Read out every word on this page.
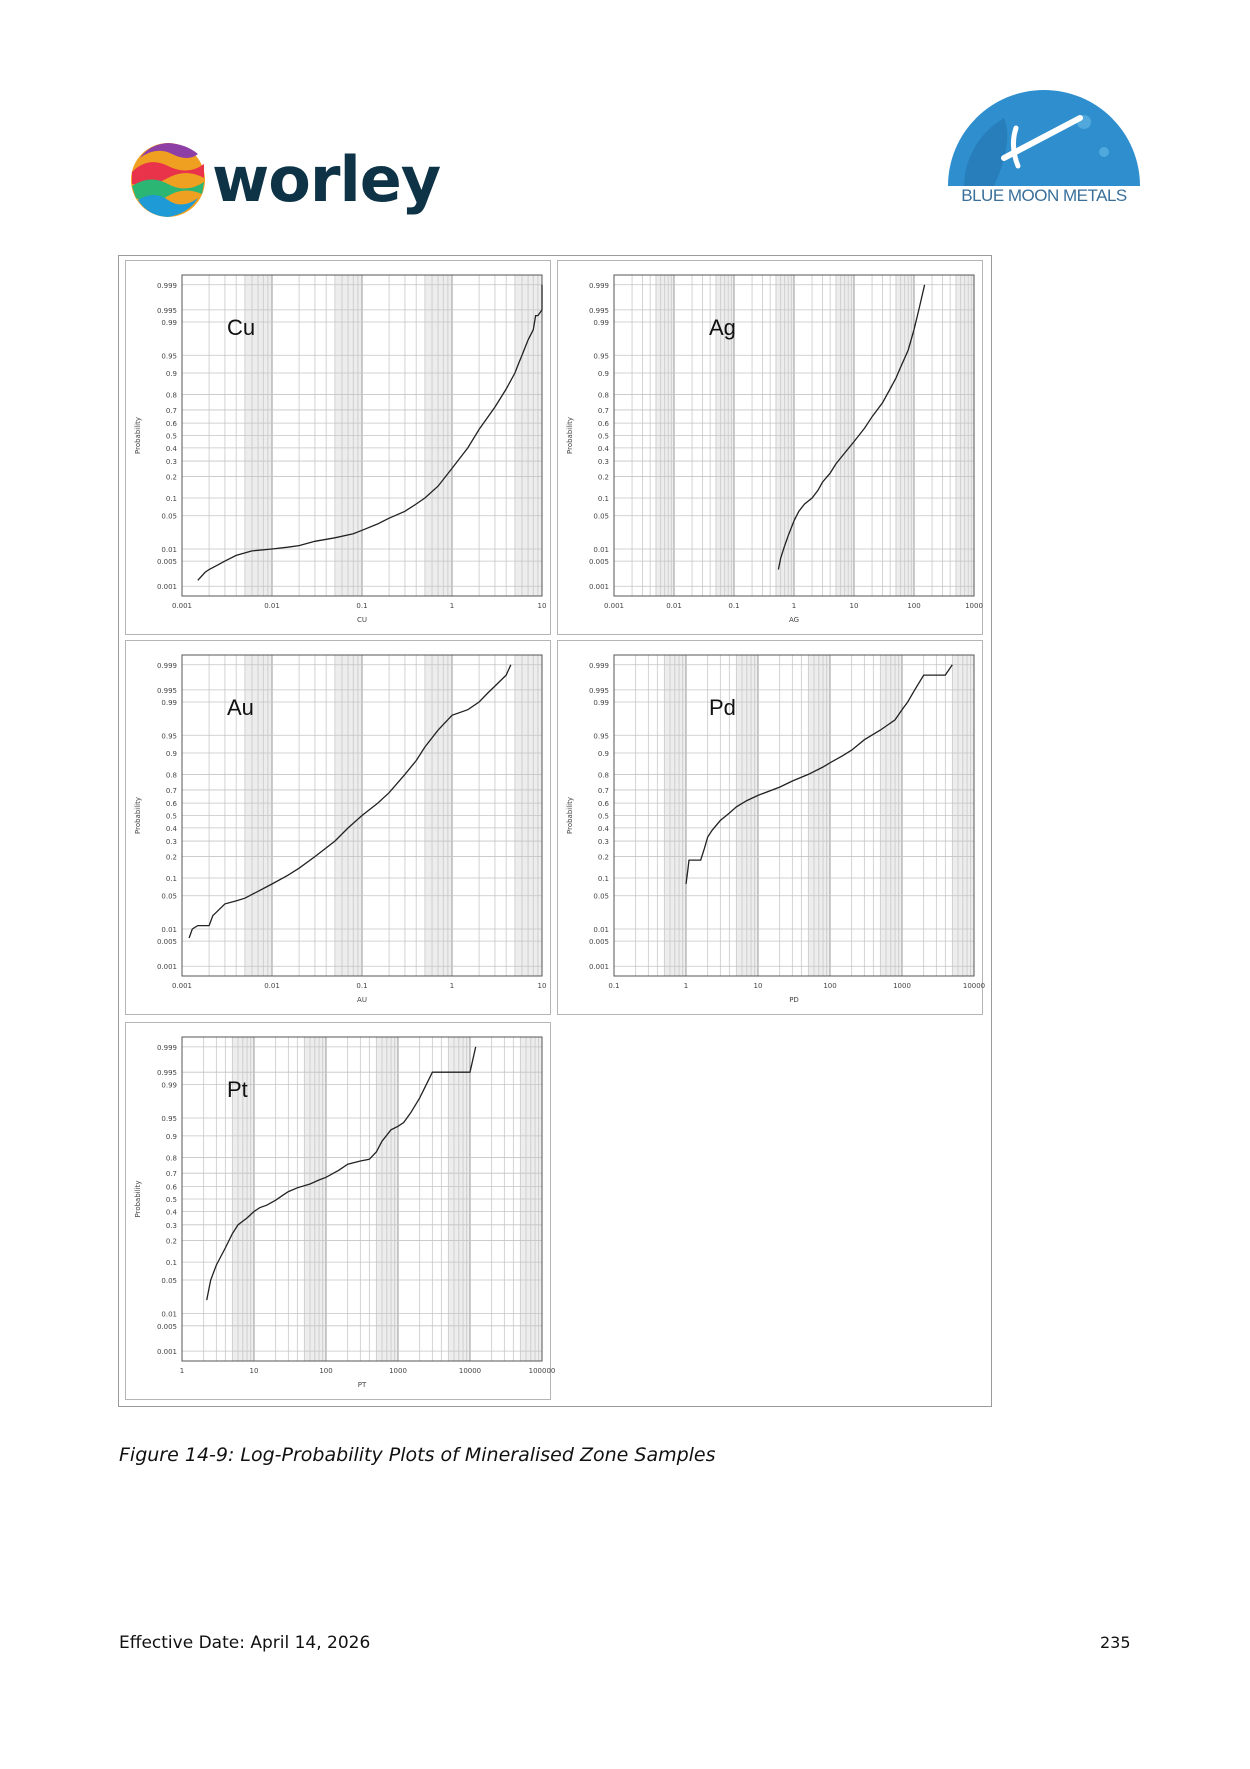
worley	BLUE MOON METALS
0.001
0.005
0.01
0.05
0.1
0.2
0.3
0.4
0.5
0.6
0.7
0.8
0.9
0.95
0.99
0.995
0.999
0.001	0.01	0.1	1	10
CU
Probability
Cu
0.001
0.005
0.01
0.05
0.1
0.2
0.3
0.4
0.5
0.6
0.7
0.8
0.9
0.95
0.99
0.995
0.999
0.001	0.01	0.1	1	10	100	1000
AG
Probability
Ag
0.001
0.005
0.01
0.05
0.1
0.2
0.3
0.4
0.5
0.6
0.7
0.8
0.9
0.95
0.99
0.995
0.999
0.001	0.01	0.1	1	10
AU
Probability
Au
0.001
0.005
0.01
0.05
0.1
0.2
0.3
0.4
0.5
0.6
0.7
0.8
0.9
0.95
0.99
0.995
0.999
0.1	1	10	100	1000	10000
PD
Probability
Pd
0.001
0.005
0.01
0.05
0.1
0.2
0.3
0.4
0.5
0.6
0.7
0.8
0.9
0.95
0.99
0.995
0.999
1	10	100	1000	10000	100000
PT
Probability
Pt
Figure 14-9: Log-Probability Plots of Mineralised Zone Samples
Effective Date: April 14, 2026	235
